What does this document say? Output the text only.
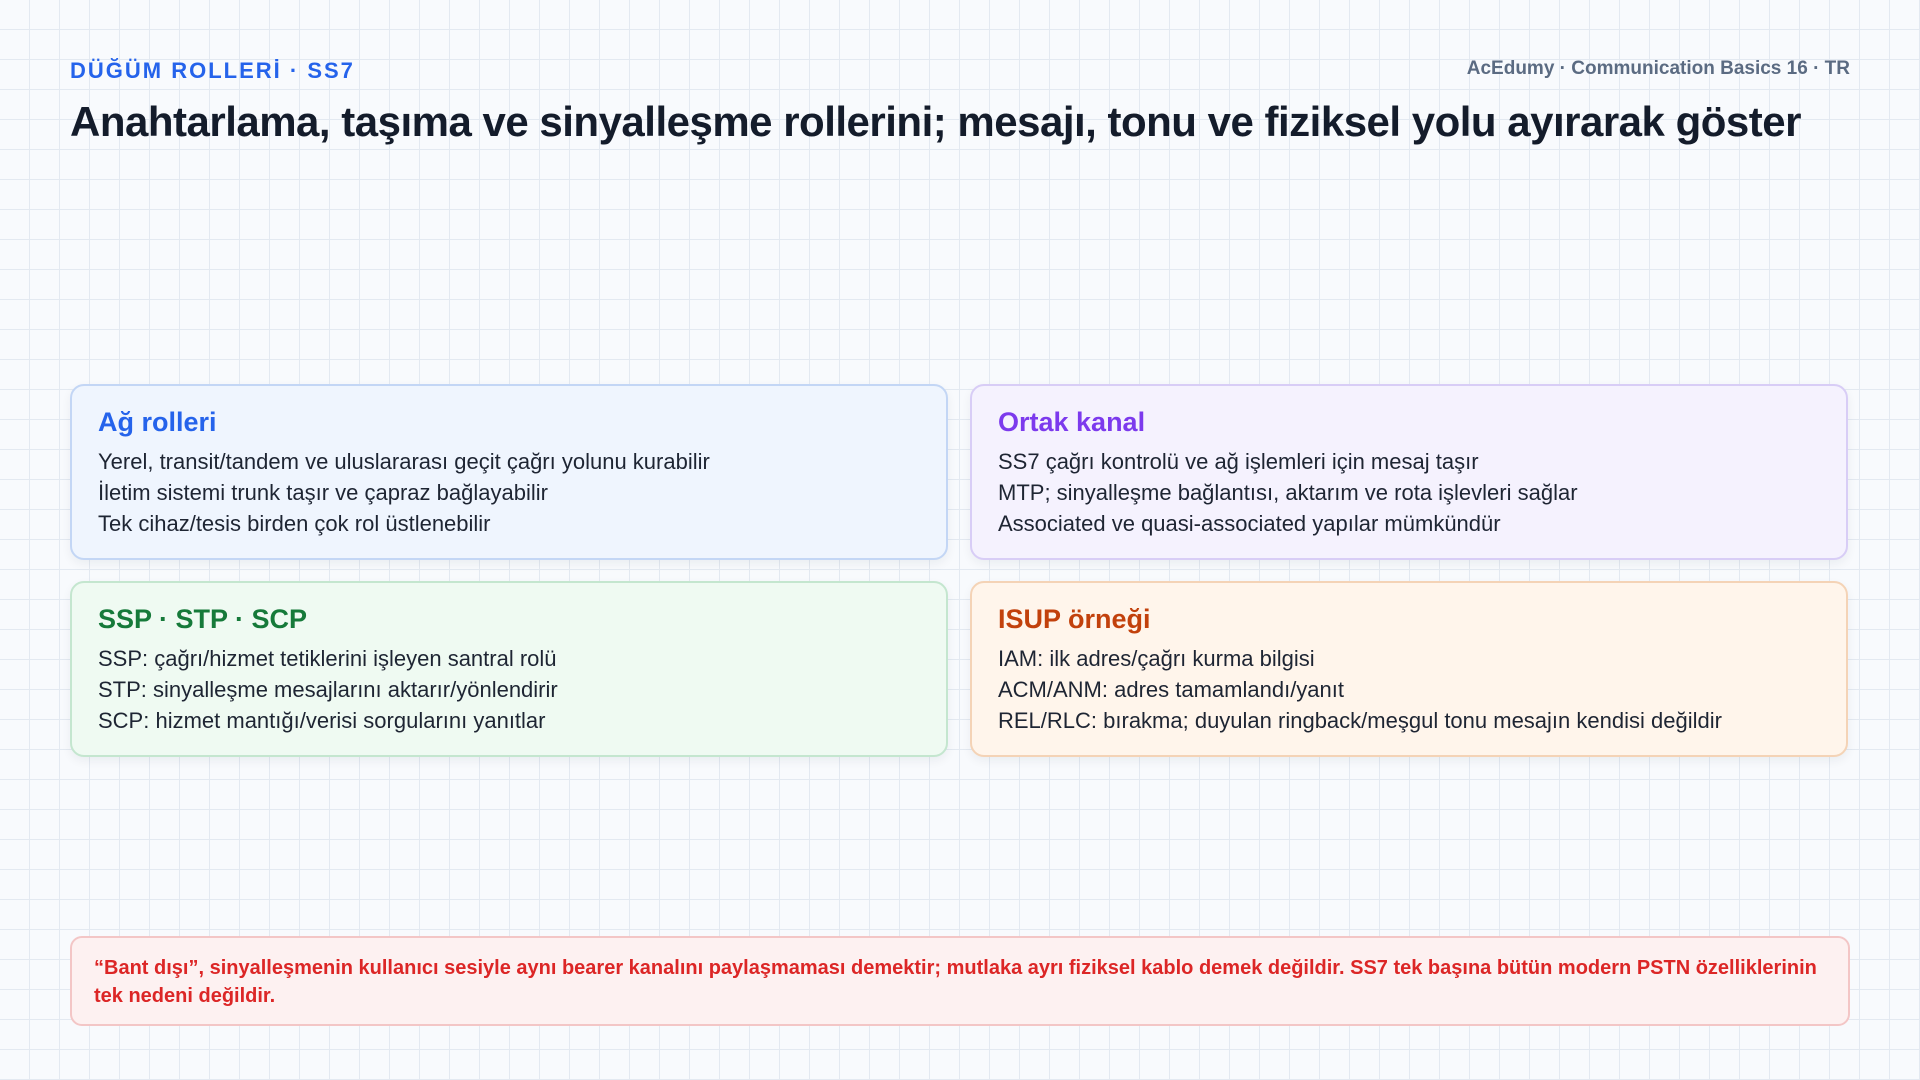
DÜĞÜM ROLLERİ · SS7	AcEdumy · Communication Basics 16 · TR
Anahtarlama, taşıma ve sinyalleşme rollerini; mesajı, tonu ve fiziksel yolu ayırarak göster
Ağ rolleri

Yerel, transit/tandem ve uluslararası geçit çağrı yolunu kurabilir

İletim sistemi trunk taşır ve çapraz bağlayabilir

Tek cihaz/tesis birden çok rol üstlenebilir

Ortak kanal

SS7 çağrı kontrolü ve ağ işlemleri için mesaj taşır

MTP; sinyalleşme bağlantısı, aktarım ve rota işlevleri sağlar

Associated ve quasi-associated yapılar mümkündür

SSP · STP · SCP

SSP: çağrı/hizmet tetiklerini işleyen santral rolü

STP: sinyalleşme mesajlarını aktarır/yönlendirir

SCP: hizmet mantığı/verisi sorgularını yanıtlar

ISUP örneği

IAM: ilk adres/çağrı kurma bilgisi

ACM/ANM: adres tamamlandı/yanıt

REL/RLC: bırakma; duyulan ringback/meşgul tonu mesajın kendisi değildir

“Bant dışı”, sinyalleşmenin kullanıcı sesiyle aynı bearer kanalını paylaşmaması demektir; mutlaka ayrı fiziksel kablo demek değildir. SS7 tek başına bütün modern PSTN özelliklerinin tek nedeni değildir.
